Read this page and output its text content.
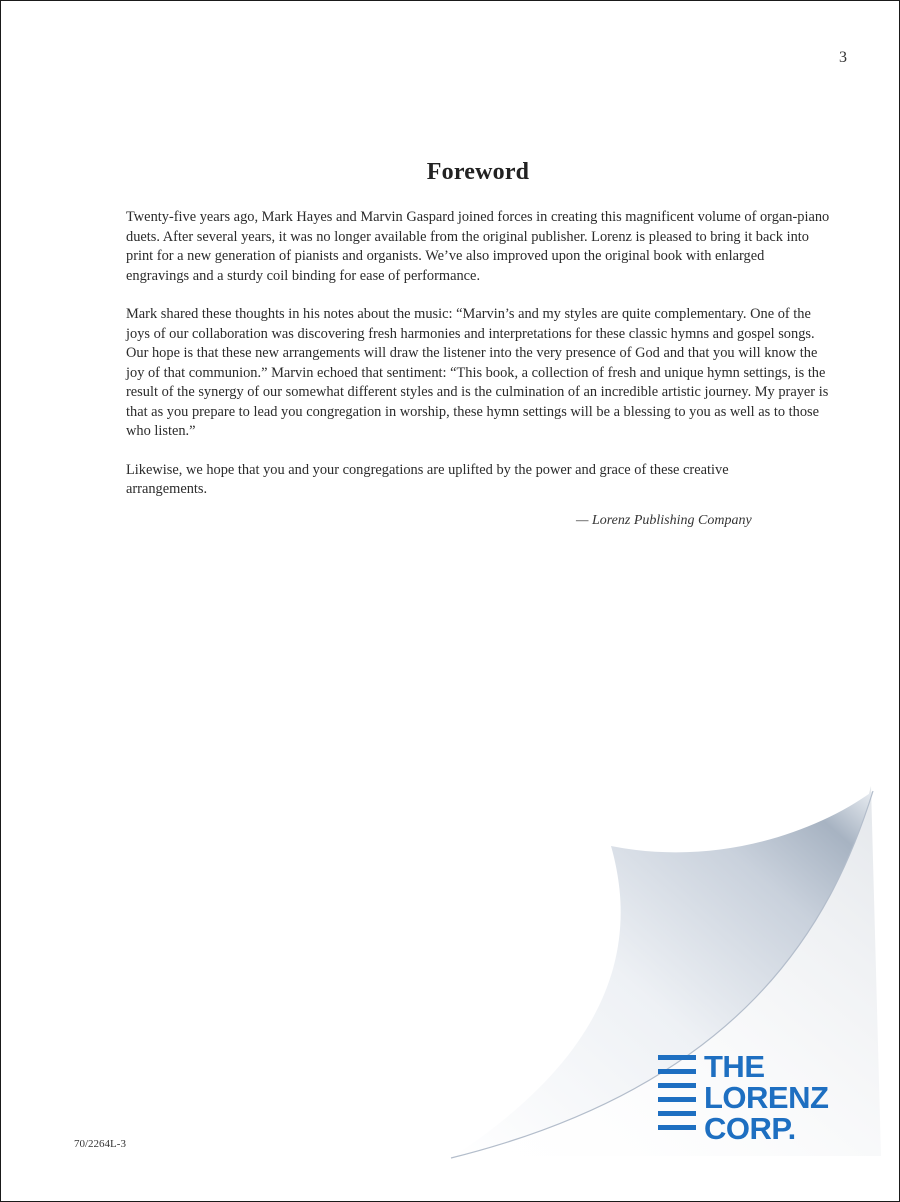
3
Foreword

Twenty-five years ago, Mark Hayes and Marvin Gaspard joined forces in creating this magnificent volume of organ-piano duets. After several years, it was no longer available from the original publisher. Lorenz is pleased to bring it back into print for a new generation of pianists and organists. We’ve also improved upon the original book with enlarged engravings and a sturdy coil binding for ease of performance.

Mark shared these thoughts in his notes about the music: “Marvin’s and my styles are quite complementary. One of the joys of our collaboration was discovering fresh harmonies and interpretations for these classic hymns and gospel songs. Our hope is that these new arrangements will draw the listener into the very presence of God and that you will know the joy of that communion.” Marvin echoed that sentiment: “This book, a collection of fresh and unique hymn settings, is the result of the synergy of our somewhat different styles and is the culmination of an incredible artistic journey. My prayer is that as you prepare to lead you congregation in worship, these hymn settings will be a blessing to you as well as to those who listen.”

Likewise, we hope that you and your congregations are uplifted by the power and grace of these creative arrangements.

— Lorenz Publishing Company
THE
LORENZ
CORP.
70/2264L-3
